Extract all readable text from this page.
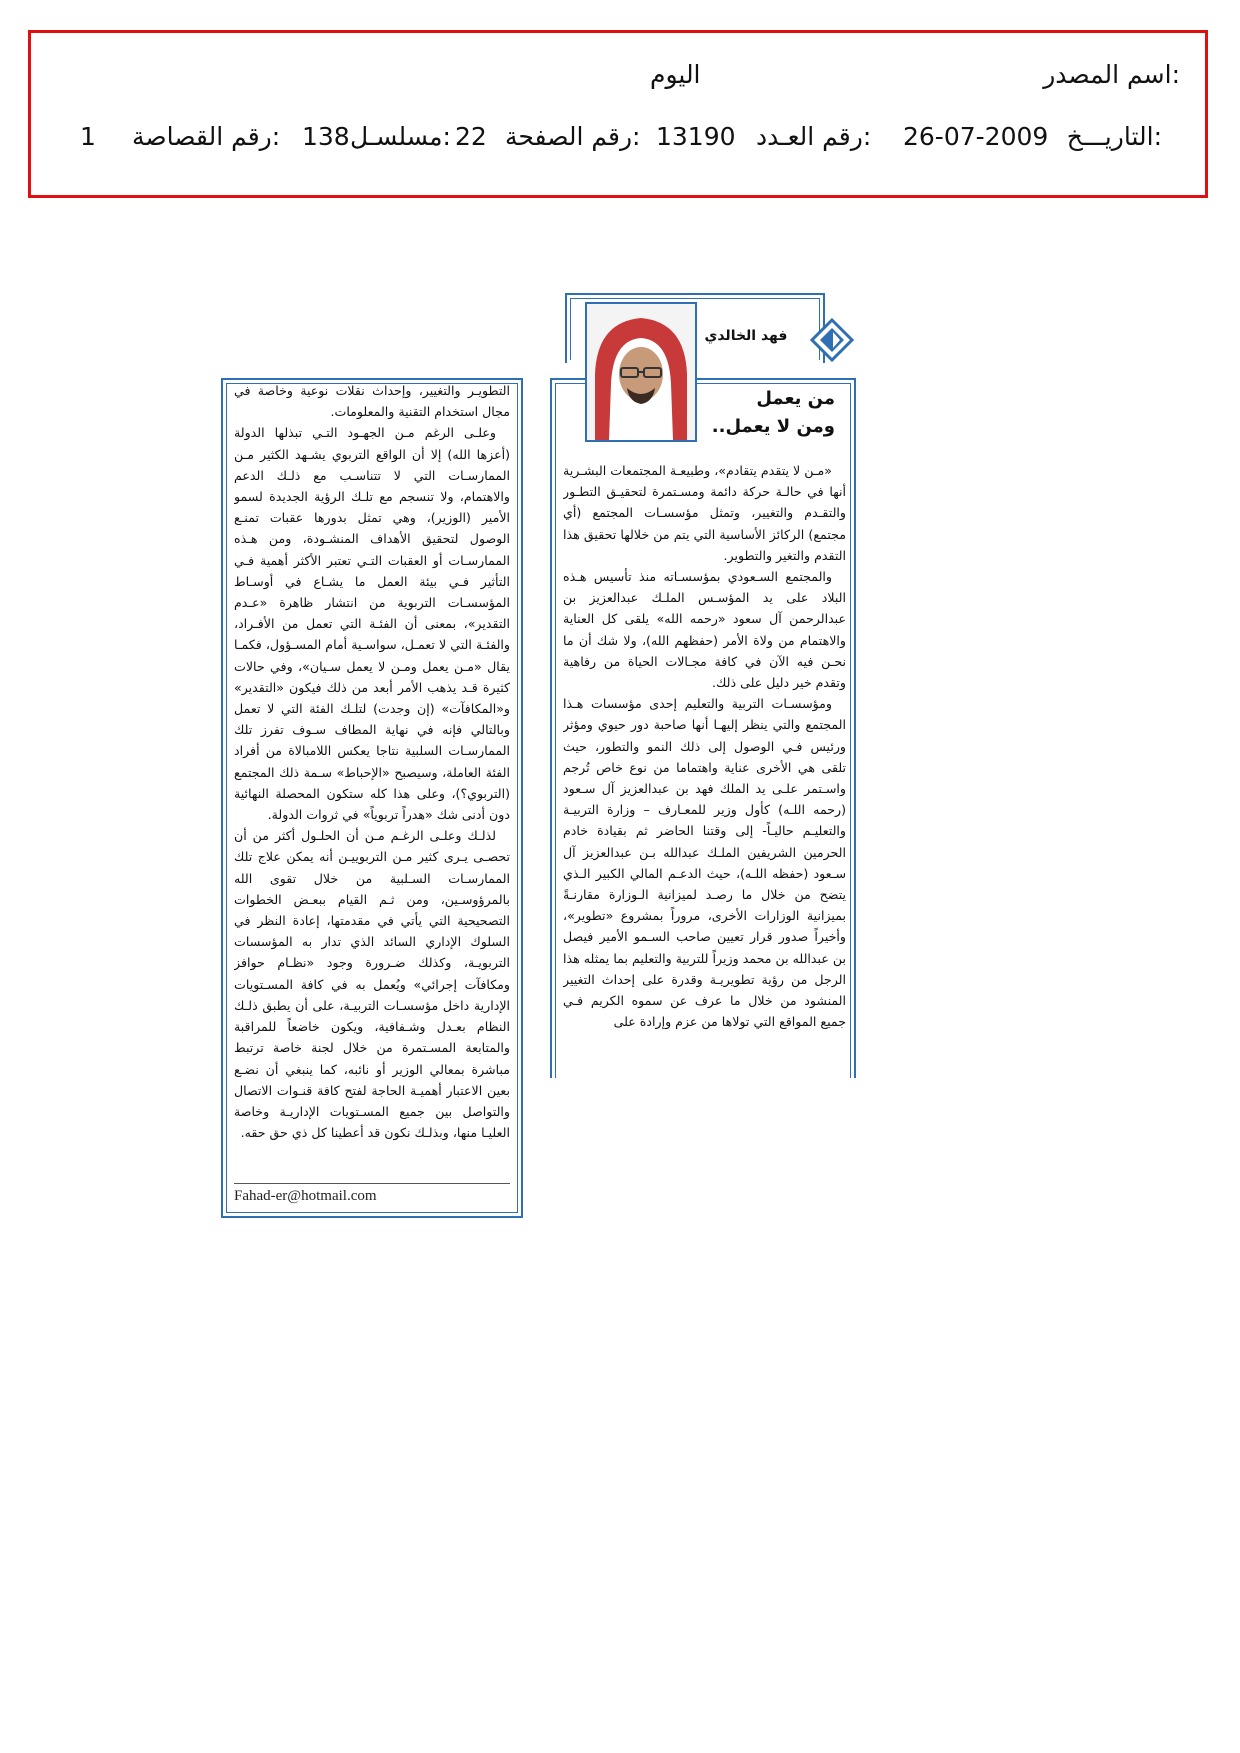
اسم المصدر:
اليوم
التاريـــخ:
26-07-2009
رقم العـدد:
13190
رقم الصفحة:
22
مسلسـل:
138
رقم القصاصة:
1
فهد الخالدي
من يعمل
ومن لا يعمل..

«مـن لا يتقدم يتقادم»، وطبيعـة المجتمعات البشـرية أنها في حالـة حركة دائمة ومسـتمرة لتحقيـق التطـور والتقـدم والتغيير، وتمثل مؤسسـات المجتمع (أي مجتمع) الركائز الأساسية التي يتم من خلالها تحقيق هذا التقدم والتغير والتطوير.

والمجتمع السـعودي بمؤسسـاته منذ تأسيس هـذه البلاد على يد المؤسـس الملـك عبدالعزيز بن عبدالرحمن آل سعود «رحمه الله» يلقى كل العناية والاهتمام من ولاة الأمر (حفظهم الله)، ولا شك أن ما نحـن فيه الآن في كافة مجـالات الحياة من رفاهية وتقدم خير دليل على ذلك.

ومؤسسـات التربية والتعليم إحدى مؤسسات هـذا المجتمع والتي ينظر إليهـا أنها صاحبة دور حيوي ومؤثر ورئيس فـي الوصول إلى ذلك النمو والتطور، حيث تلقى هي الأخرى عناية واهتماما من نوع خاص تُرجم واسـتمر علـى يد الملك فهد بن عبدالعزيز آل سـعود (رحمه اللـه) كأول وزير للمعـارف – وزارة التربيـة والتعليـم حاليـاً- إلى وقتنا الحاضر ثم بقيادة خادم الحرمين الشريفين الملـك عبدالله بـن عبدالعزيز آل سـعود (حفظه اللـه)، حيث الدعـم المالي الكبير الـذي يتضح من خلال ما رصـد لميزانية الـوزارة مقارنـةً بميزانية الوزارات الأخرى، مروراً بمشروع «تطوير»، وأخيراً صدور قرار تعيين صاحب السـمو الأمير فيصل بن عبدالله بن محمد وزيراً للتربية والتعليم بما يمثله هذا الرجل من رؤية تطويريـة وقدرة على إحداث التغيير المنشود من خلال ما عرف عن سموه الكريم فـي جميع المواقع التي تولاها من عزم وإرادة على

التطويـر والتغيير، وإحداث نقلات نوعية وخاصة في مجال استخدام التقنية والمعلومات.

وعلـى الرغم مـن الجهـود التـي تبذلها الدولة (أعزها الله) إلا أن الواقع التربوي يشـهد الكثير مـن الممارسـات التي لا تتناسـب مع ذلـك الدعم والاهتمام، ولا تنسجم مع تلـك الرؤية الجديدة لسمو الأمير (الوزير)، وهي تمثل بدورها عقبات تمنـع الوصول لتحقيق الأهداف المنشـودة، ومن هـذه الممارسـات أو العقبات التـي تعتبر الأكثر أهمية فـي التأثير فـي بيئة العمل ما يشـاع في أوسـاط المؤسسـات التربوية من انتشار ظاهرة «عـدم التقدير»، بمعنى أن الفئـة التي تعمل من الأفـراد، والفئـة التي لا تعمـل، سواسـية أمام المسـؤول، فكمـا يقال «مـن يعمل ومـن لا يعمل سـيان»، وفي حالات كثيرة قـد يذهب الأمر أبعد من ذلك فيكون «التقدير» و«المكافآت» (إن وجدت) لتلـك الفئة التي لا تعمل وبالتالي فإنه في نهاية المطاف سـوف تفرز تلك الممارسـات السلبية نتاجا يعكس اللامبالاة من أفراد الفئة العاملة، وسيصبح «الإحباط» سـمة ذلك المجتمع (التربوي؟)، وعلى هذا كله ستكون المحصلة النهائية دون أدنى شك «هدراً تربوياً» في ثروات الدولة.

لذلـك وعلـى الرغـم مـن أن الحلـول أكثر من أن تحصـى يـرى كثير مـن التربوييـن أنه يمكن علاج تلك الممارسـات السـلبية من خلال تقوى الله بالمرؤوسـين، ومن ثـم القيام ببعـض الخطوات التصحيحية التي يأتي في مقدمتها، إعادة النظر في السلوك الإداري السائد الذي تدار به المؤسسات التربويـة، وكذلك ضـرورة وجود «نظـام حوافز ومكافآت إجرائي» ويُعمل به في كافة المسـتويات الإدارية داخل مؤسسـات التربيـة، على أن يطبق ذلـك النظام بعـدل وشـفافية، ويكون خاضعاً للمراقبة والمتابعة المسـتمرة من خلال لجنة خاصة ترتبط مباشرة بمعالي الوزير أو نائبه، كما ينبغي أن نضـع بعين الاعتبار أهميـة الحاجة لفتح كافة قنـوات الاتصال والتواصل بين جميع المسـتويات الإداريـة وخاصة العليـا منها، وبذلـك نكون قد أعطينا كل ذي حق حقه.

Fahad-er@hotmail.com
